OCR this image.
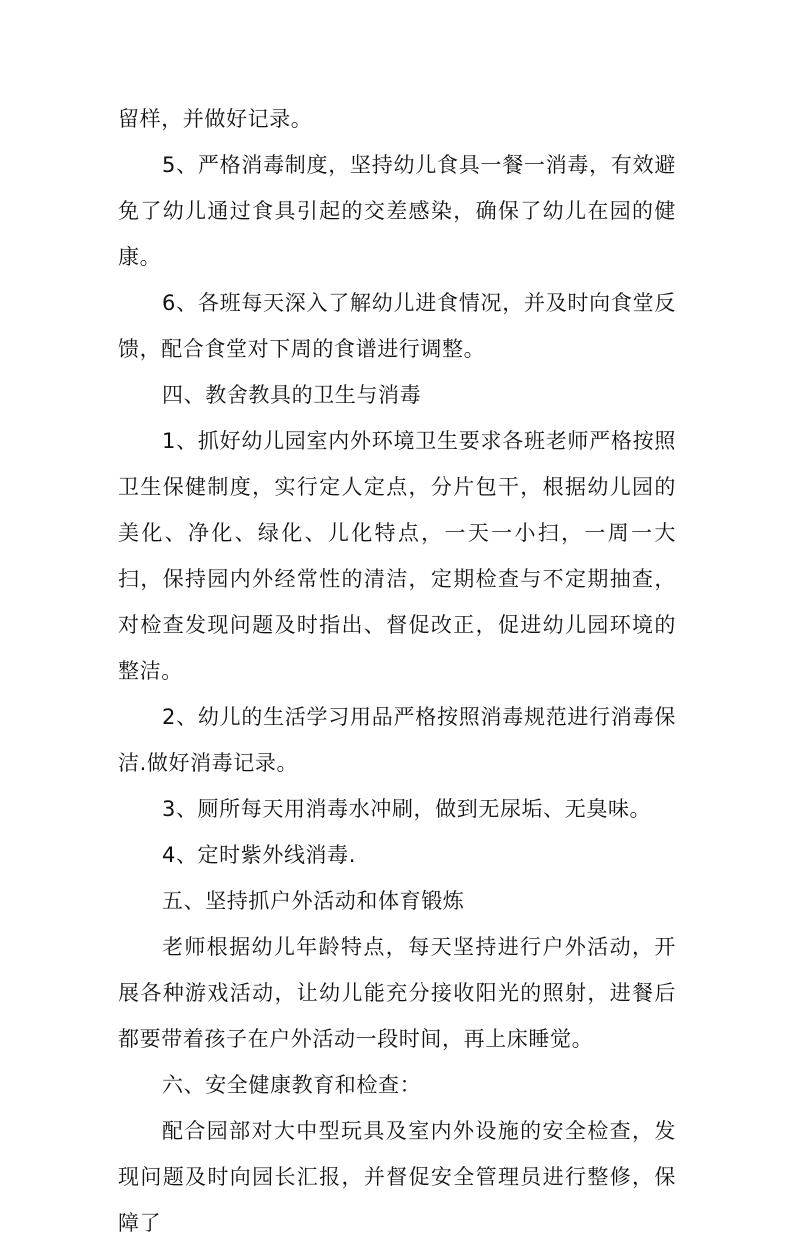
留样，并做好记录。

5、严格消毒制度，坚持幼儿食具一餐一消毒，有效避免了幼儿通过食具引起的交差感染，确保了幼儿在园的健康。

6、各班每天深入了解幼儿进食情况，并及时向食堂反馈，配合食堂对下周的食谱进行调整。

四、教舍教具的卫生与消毒

1、抓好幼儿园室内外环境卫生要求各班老师严格按照卫生保健制度，实行定人定点，分片包干，根据幼儿园的美化、净化、绿化、儿化特点，一天一小扫，一周一大扫，保持园内外经常性的清洁，定期检查与不定期抽查，对检查发现问题及时指出、督促改正，促进幼儿园环境的整洁。

2、幼儿的生活学习用品严格按照消毒规范进行消毒保洁.做好消毒记录。

3、厕所每天用消毒水冲刷，做到无尿垢、无臭味。

4、定时紫外线消毒.

五、坚持抓户外活动和体育锻炼

老师根据幼儿年龄特点，每天坚持进行户外活动，开展各种游戏活动，让幼儿能充分接收阳光的照射，进餐后都要带着孩子在户外活动一段时间，再上床睡觉。

六、安全健康教育和检查：

配合园部对大中型玩具及室内外设施的安全检查，发现问题及时向园长汇报，并督促安全管理员进行整修，保障了
